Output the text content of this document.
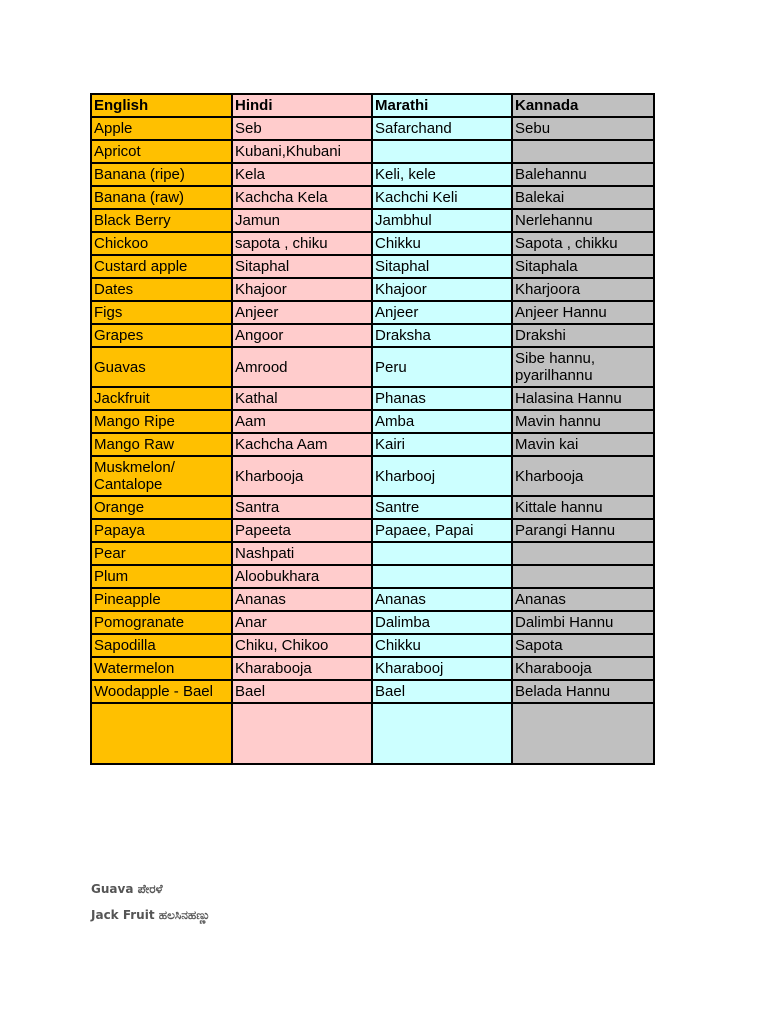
English	Hindi	Marathi	Kannada
Apple	Seb	Safarchand	Sebu
Apricot	Kubani,Khubani		
Banana (ripe)	Kela	Keli, kele	Balehannu
Banana (raw)	Kachcha Kela	Kachchi Keli	Balekai
Black Berry	Jamun	Jambhul	Nerlehannu
Chickoo	sapota , chiku	Chikku	Sapota , chikku
Custard apple	Sitaphal	Sitaphal	Sitaphala
Dates	Khajoor	Khajoor	Kharjoora
Figs	Anjeer	Anjeer	Anjeer Hannu
Grapes	Angoor	Draksha	Drakshi
Guavas	Amrood	Peru	Sibe hannu, pyarilhannu
Jackfruit	Kathal	Phanas	Halasina Hannu
Mango Ripe	Aam	Amba	Mavin hannu
Mango Raw	Kachcha Aam	Kairi	Mavin kai
Muskmelon/ Cantalope	Kharbooja	Kharbooj	Kharbooja
Orange	Santra	Santre	Kittale hannu
Papaya	Papeeta	Papaee, Papai	Parangi Hannu
Pear	Nashpati		
Plum	Aloobukhara		
Pineapple	Ananas	Ananas	Ananas
Pomogranate	Anar	Dalimba	Dalimbi Hannu
Sapodilla	Chiku, Chikoo	Chikku	Sapota
Watermelon	Kharabooja	Kharabooj	Kharabooja
Woodapple - Bael	Bael	Bael	Belada Hannu

Guava ಪೇರಳೆ
Jack Fruit ಹಲಸಿನಹಣ್ಣು
